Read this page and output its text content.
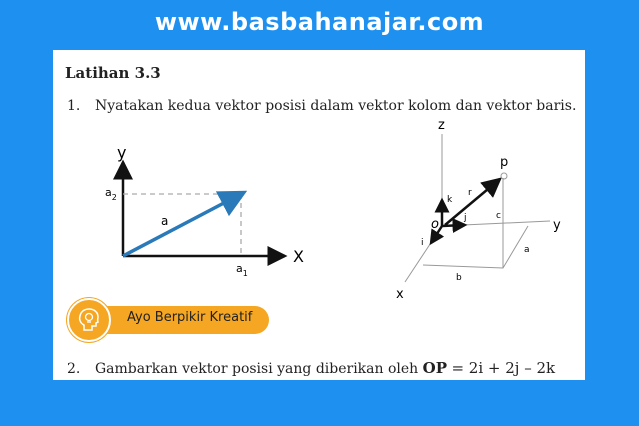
www.basbahanajar.com
Latihan 3.3
1. Nyatakan kedua vektor posisi dalam vektor kolom dan vektor baris.
y
X
$a_2$
$a_1$
a
z
y
x
p
o
r
k
j
i
a
b
c
Ayo Berpikir Kreatif
2. Gambarkan vektor posisi yang diberikan oleh OP = 2i + 2j – 2k
